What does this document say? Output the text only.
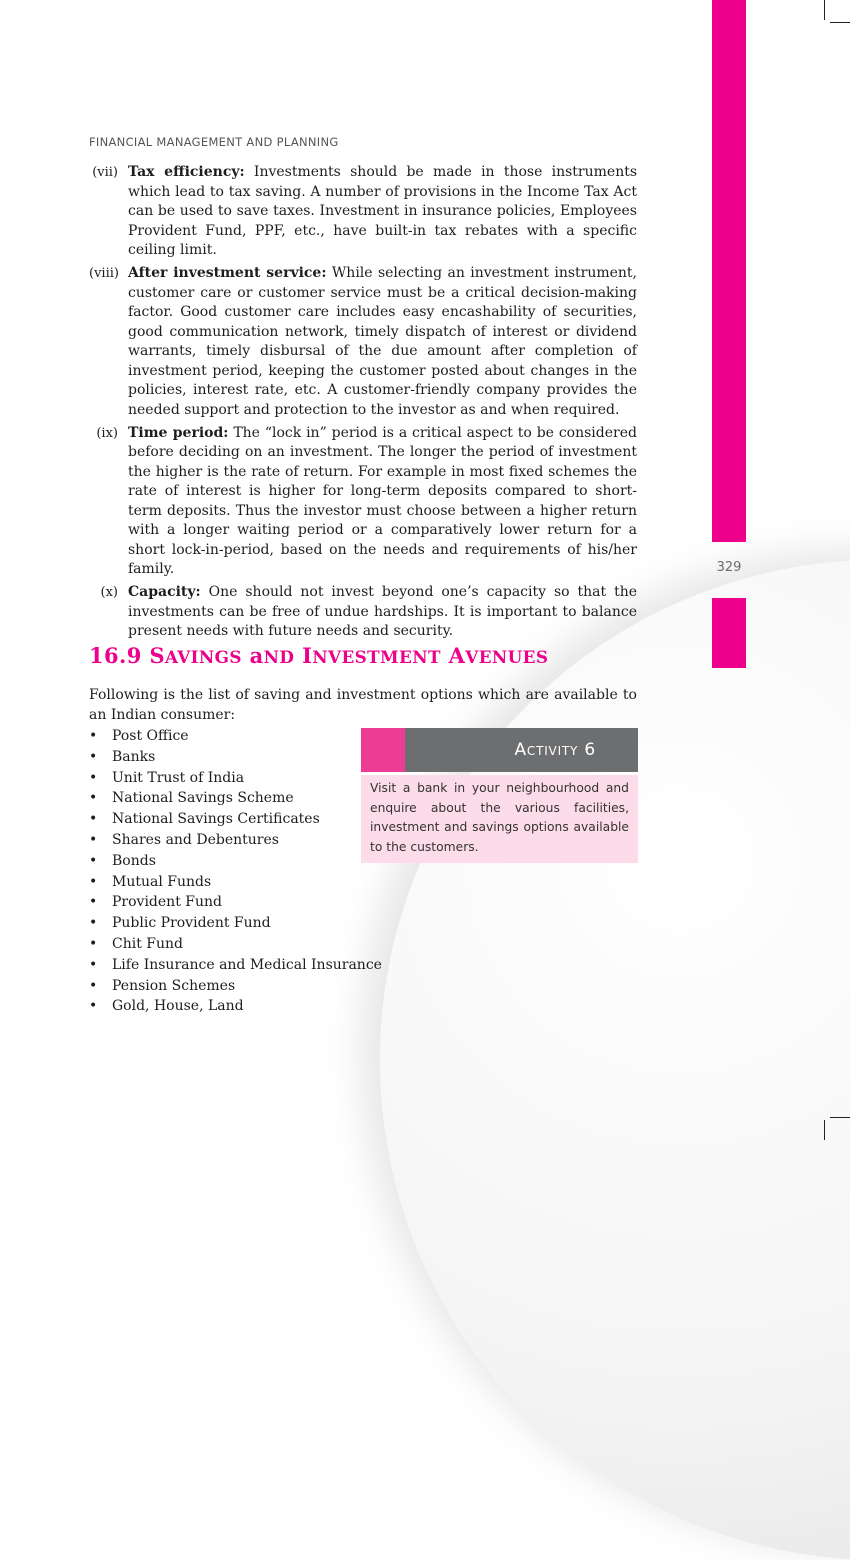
329
FINANCIAL MANAGEMENT AND PLANNING
(vii) Tax efficiency: Investments should be made in those instruments which lead to tax saving. A number of provisions in the Income Tax Act can be used to save taxes. Investment in insurance policies, Employees Provident Fund, PPF, etc., have built-in tax rebates with a specific ceiling limit.
(viii) After investment service: While selecting an investment instrument, customer care or customer service must be a critical decision-making factor. Good customer care includes easy encashability of securities, good communication network, timely dispatch of interest or dividend warrants, timely disbursal of the due amount after completion of investment period, keeping the customer posted about changes in the policies, interest rate, etc. A customer-friendly company provides the needed support and protection to the investor as and when required.
(ix) Time period: The “lock in” period is a critical aspect to be considered before deciding on an investment. The longer the period of investment the higher is the rate of return. For example in most fixed schemes the rate of interest is higher for long-term deposits compared to short-term deposits. Thus the investor must choose between a higher return with a longer waiting period or a comparatively lower return for a short lock-in-period, based on the needs and requirements of his/her family.
(x) Capacity: One should not invest beyond one’s capacity so that the investments can be free of undue hardships. It is important to balance present needs with future needs and security.
16.9 SAVINGS aND INVESTMENT AVENUES
Following is the list of saving and investment options which are available to an Indian consumer:
• Post Office
• Banks
• Unit Trust of India
• National Savings Scheme
• National Savings Certificates
• Shares and Debentures
• Bonds
• Mutual Funds
• Provident Fund
• Public Provident Fund
• Chit Fund
• Life Insurance and Medical Insurance
• Pension Schemes
• Gold, House, Land
Activity 6
Visit a bank in your neighbourhood and enquire about the various facilities, investment and savings options available to the customers.
